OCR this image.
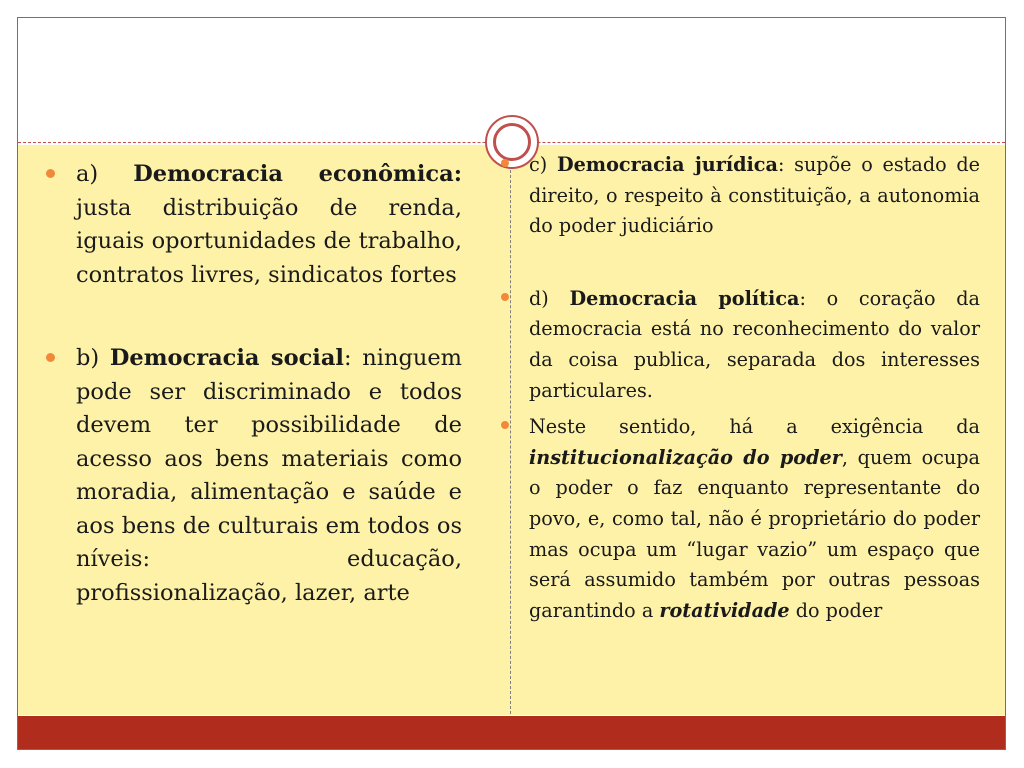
a) Democracia econômica: justa distribuição de renda, iguais oportunidades de trabalho, contratos livres, sindicatos fortes
b) Democracia social: ninguem pode ser discriminado e todos devem ter possibilidade de acesso aos bens materiais como moradia, alimentação e saúde e aos bens de culturais em todos os níveis: educação, profissionalização, lazer, arte
c) Democracia jurídica: supõe o estado de direito, o respeito à constituição, a autonomia do poder judiciário
d) Democracia política: o coração da democracia está no reconhecimento do valor da coisa publica, separada dos interesses particulares.
Neste sentido, há a exigência da institucionalização do poder, quem ocupa o poder o faz enquanto representante do povo, e, como tal, não é proprietário do poder mas ocupa um “lugar vazio” um espaço que será assumido também por outras pessoas garantindo a rotatividade do poder
